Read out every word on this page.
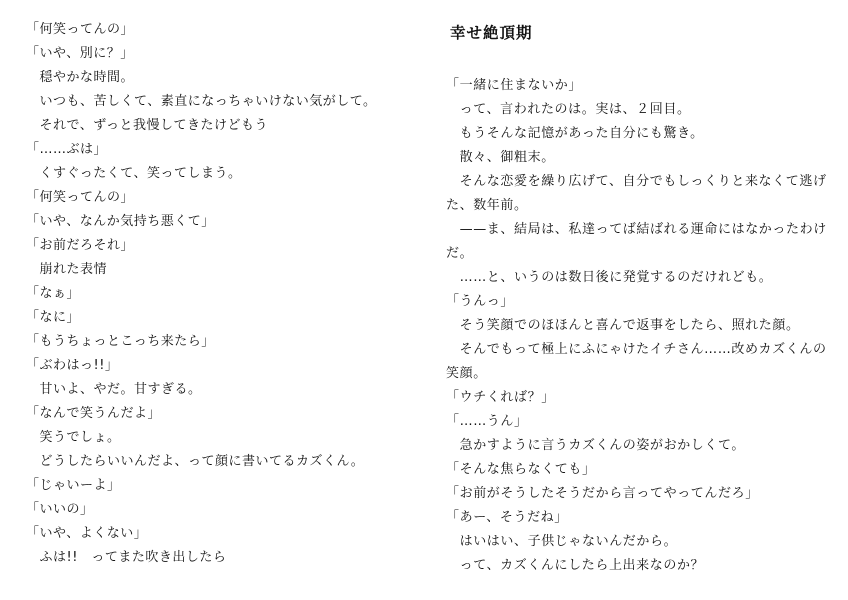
「何笑ってんの」
「いや、別に？」
　穏やかな時間。
　いつも、苦しくて、素直になっちゃいけない気がして。
　それで、ずっと我慢してきたけどもう
「……ぶは」
　くすぐったくて、笑ってしまう。
「何笑ってんの」
「いや、なんか気持ち悪くて」
「お前だろそれ」
　崩れた表情
「なぁ」
「なに」
「もうちょっとこっち来たら」
「ぶわはっ!!」
　甘いよ、やだ。甘すぎる。
「なんで笑うんだよ」
　笑うでしょ。
　どうしたらいいんだよ、って顔に書いてるカズくん。
「じゃいーよ」
「いいの」
「いや、よくない」
　ふは!!　ってまた吹き出したら
幸せ絶頂期
「一緒に住まないか」
　って、言われたのは。実は、２回目。
　もうそんな記憶があった自分にも驚き。
　散々、御粗末。
　そんな恋愛を繰り広げて、自分でもしっくりと来なくて逃げ
た、数年前。
　——ま、結局は、私達ってば結ばれる運命にはなかったわけ
だ。
　……と、いうのは数日後に発覚するのだけれども。
「うんっ」
　そう笑顔でのほほんと喜んで返事をしたら、照れた顔。
　そんでもって極上にふにゃけたイチさん……改めカズくんの
笑顔。
「ウチくれば？」
「……うん」
　急かすように言うカズくんの姿がおかしくて。
「そんな焦らなくても」
「お前がそうしたそうだから言ってやってんだろ」
「あー、そうだね」
　はいはい、子供じゃないんだから。
　って、カズくんにしたら上出来なのか？
